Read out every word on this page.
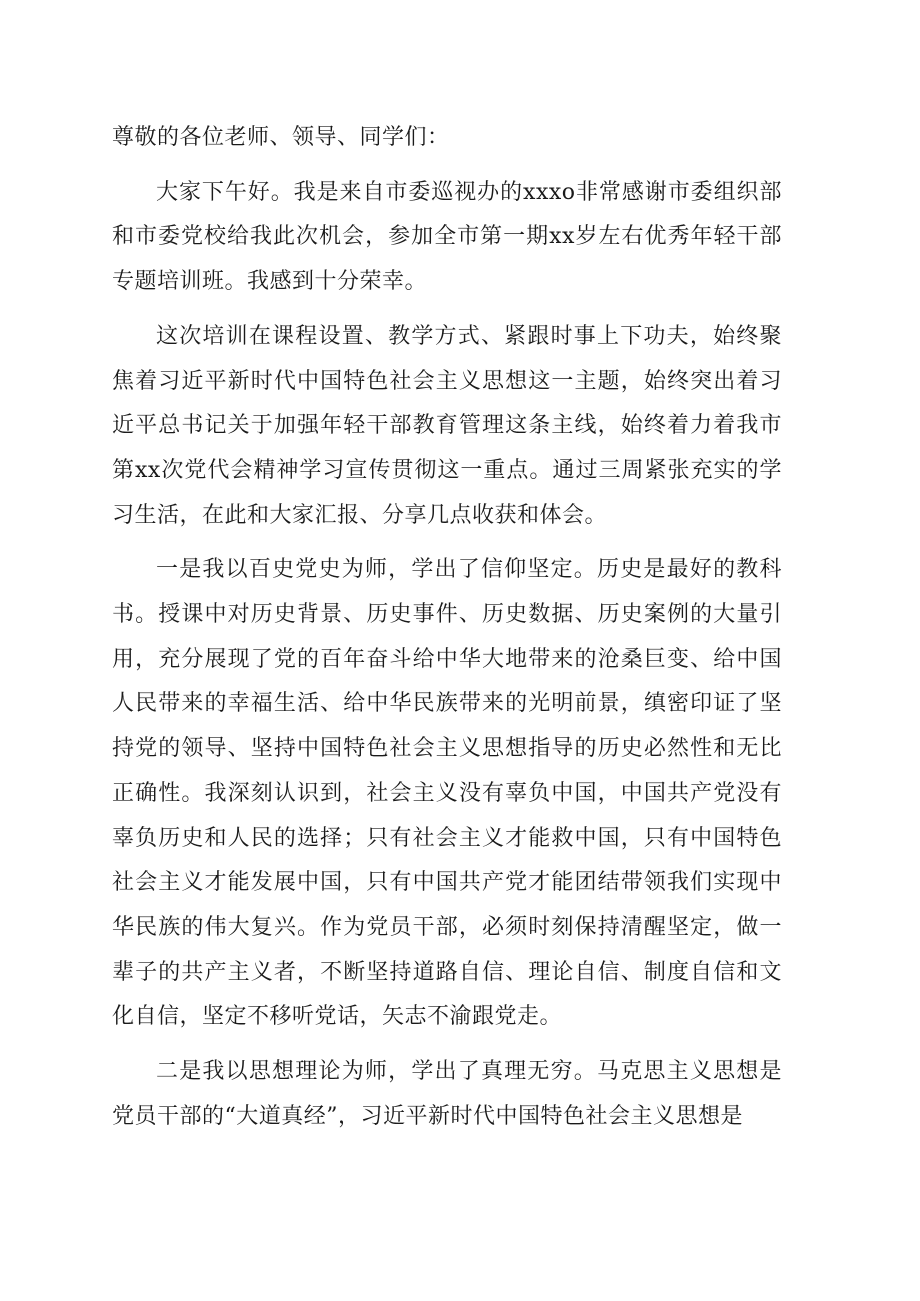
尊敬的各位老师、领导、同学们：

大家下午好。我是来自市委巡视办的xxxo非常感谢市委组织部和市委党校给我此次机会，参加全市第一期xx岁左右优秀年轻干部专题培训班。我感到十分荣幸。

这次培训在课程设置、教学方式、紧跟时事上下功夫，始终聚焦着习近平新时代中国特色社会主义思想这一主题，始终突出着习近平总书记关于加强年轻干部教育管理这条主线，始终着力着我市第xx次党代会精神学习宣传贯彻这一重点。通过三周紧张充实的学习生活，在此和大家汇报、分享几点收获和体会。

一是我以百史党史为师，学出了信仰坚定。历史是最好的教科书。授课中对历史背景、历史事件、历史数据、历史案例的大量引用，充分展现了党的百年奋斗给中华大地带来的沧桑巨变、给中国人民带来的幸福生活、给中华民族带来的光明前景，缜密印证了坚持党的领导、坚持中国特色社会主义思想指导的历史必然性和无比正确性。我深刻认识到，社会主义没有辜负中国，中国共产党没有辜负历史和人民的选择；只有社会主义才能救中国，只有中国特色社会主义才能发展中国，只有中国共产党才能团结带领我们实现中华民族的伟大复兴。作为党员干部，必须时刻保持清醒坚定，做一辈子的共产主义者，不断坚持道路自信、理论自信、制度自信和文化自信，坚定不移听党话，矢志不渝跟党走。

二是我以思想理论为师，学出了真理无穷。马克思主义思想是党员干部的“大道真经”，习近平新时代中国特色社会主义思想是
